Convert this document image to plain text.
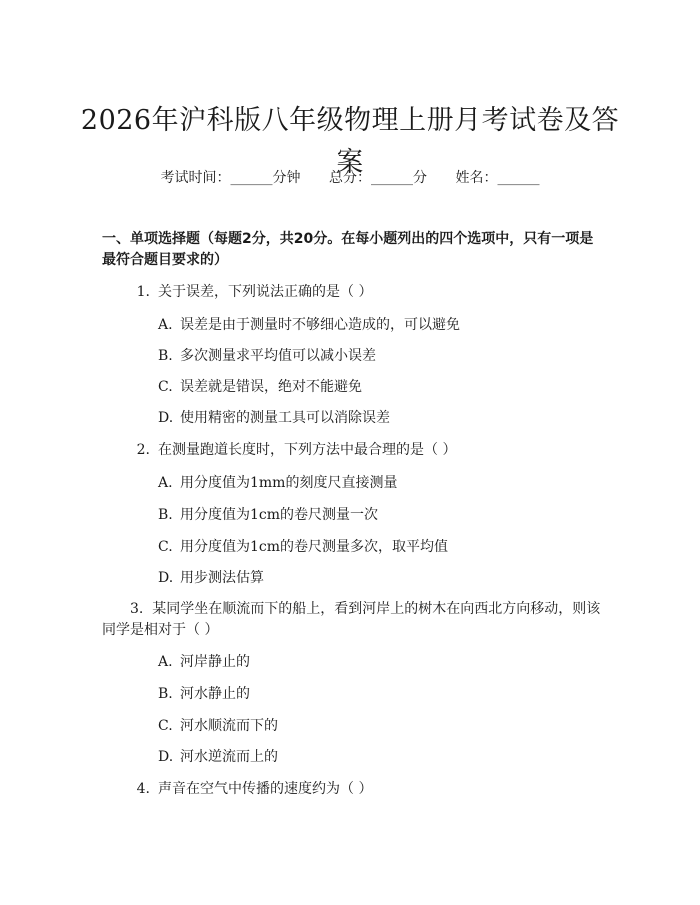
2026年沪科版八年级物理上册月考试卷及答案
考试时间：______分钟 总分：______分 姓名：______
一、单项选择题（每题2分，共20分。在每小题列出的四个选项中，只有一项是最符合题目要求的）
1. 关于误差，下列说法正确的是（ ）
A. 误差是由于测量时不够细心造成的，可以避免
B. 多次测量求平均值可以减小误差
C. 误差就是错误，绝对不能避免
D. 使用精密的测量工具可以消除误差
2. 在测量跑道长度时，下列方法中最合理的是（ ）
A. 用分度值为1mm的刻度尺直接测量
B. 用分度值为1cm的卷尺测量一次
C. 用分度值为1cm的卷尺测量多次，取平均值
D. 用步测法估算
3. 某同学坐在顺流而下的船上，看到河岸上的树木在向西北方向移动，则该同学是相对于（ ）
A. 河岸静止的
B. 河水静止的
C. 河水顺流而下的
D. 河水逆流而上的
4. 声音在空气中传播的速度约为（ ）
